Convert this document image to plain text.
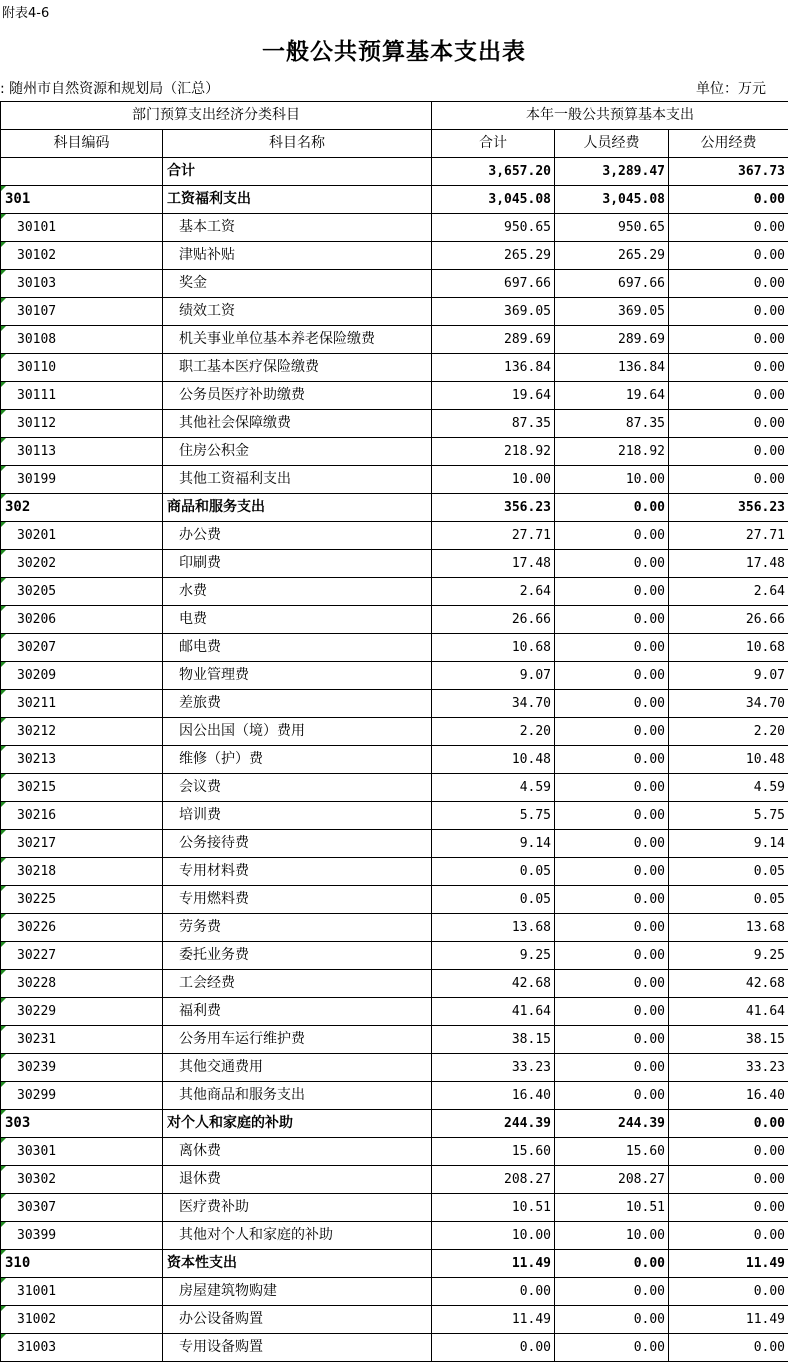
附表4-6
一般公共预算基本支出表
: 随州市自然资源和规划局（汇总）	单位：万元
部门预算支出经济分类科目		本年一般公共预算基本支出		
科目编码	科目名称	合计	人员经费	公用经费
	合计	3,657.20	3,289.47	367.73
301	工资福利支出	3,045.08	3,045.08	0.00
30101	基本工资	950.65	950.65	0.00
30102	津贴补贴	265.29	265.29	0.00
30103	奖金	697.66	697.66	0.00
30107	绩效工资	369.05	369.05	0.00
30108	机关事业单位基本养老保险缴费	289.69	289.69	0.00
30110	职工基本医疗保险缴费	136.84	136.84	0.00
30111	公务员医疗补助缴费	19.64	19.64	0.00
30112	其他社会保障缴费	87.35	87.35	0.00
30113	住房公积金	218.92	218.92	0.00
30199	其他工资福利支出	10.00	10.00	0.00
302	商品和服务支出	356.23	0.00	356.23
30201	办公费	27.71	0.00	27.71
30202	印刷费	17.48	0.00	17.48
30205	水费	2.64	0.00	2.64
30206	电费	26.66	0.00	26.66
30207	邮电费	10.68	0.00	10.68
30209	物业管理费	9.07	0.00	9.07
30211	差旅费	34.70	0.00	34.70
30212	因公出国（境）费用	2.20	0.00	2.20
30213	维修（护）费	10.48	0.00	10.48
30215	会议费	4.59	0.00	4.59
30216	培训费	5.75	0.00	5.75
30217	公务接待费	9.14	0.00	9.14
30218	专用材料费	0.05	0.00	0.05
30225	专用燃料费	0.05	0.00	0.05
30226	劳务费	13.68	0.00	13.68
30227	委托业务费	9.25	0.00	9.25
30228	工会经费	42.68	0.00	42.68
30229	福利费	41.64	0.00	41.64
30231	公务用车运行维护费	38.15	0.00	38.15
30239	其他交通费用	33.23	0.00	33.23
30299	其他商品和服务支出	16.40	0.00	16.40
303	对个人和家庭的补助	244.39	244.39	0.00
30301	离休费	15.60	15.60	0.00
30302	退休费	208.27	208.27	0.00
30307	医疗费补助	10.51	10.51	0.00
30399	其他对个人和家庭的补助	10.00	10.00	0.00
310	资本性支出	11.49	0.00	11.49
31001	房屋建筑物购建	0.00	0.00	0.00
31002	办公设备购置	11.49	0.00	11.49
31003	专用设备购置	0.00	0.00	0.00
